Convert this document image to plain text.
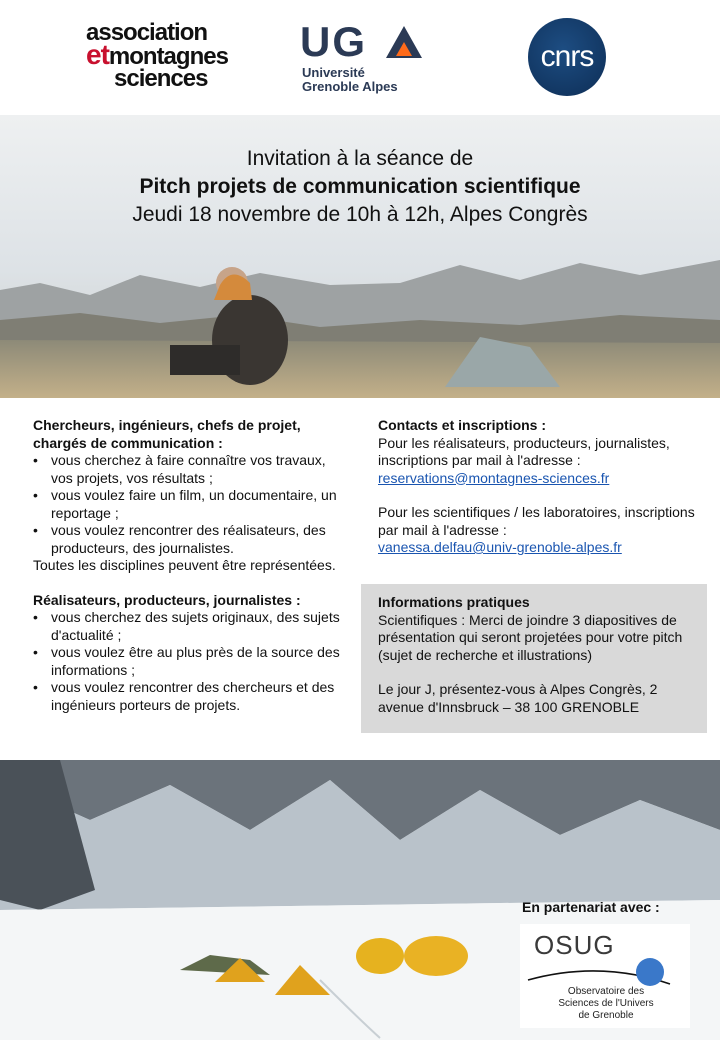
association
etmontagnes
sciences
UG
Université
Grenoble Alpes
cnrs
Invitation à la séance de
Pitch projets de communication scientifique
Jeudi 18 novembre de 10h à 12h, Alpes Congrès

Chercheurs, ingénieurs, chefs de projet, chargés de communication :

• vous cherchez à faire connaître vos travaux, vos projets, vos résultats ;
• vous voulez faire un film, un documentaire, un reportage ;
• vous voulez rencontrer des réalisateurs, des producteurs, des journalistes.

Toutes les disciplines peuvent être représentées.

Réalisateurs, producteurs, journalistes :

• vous cherchez des sujets originaux, des sujets d'actualité ;
• vous voulez être au plus près de la source des informations ;
• vous voulez rencontrer des chercheurs et des ingénieurs porteurs de projets.

Contacts et inscriptions :

Pour les réalisateurs, producteurs, journalistes, inscriptions par mail à l'adresse :

reservations@montagnes-sciences.fr

Pour les scientifiques / les laboratoires, inscriptions par mail à l'adresse :

vanessa.delfau@univ-grenoble-alpes.fr

Informations pratiques

Scientifiques : Merci de joindre 3 diapositives de présentation qui seront projetées pour votre pitch (sujet de recherche et illustrations)

Le jour J, présentez-vous à Alpes Congrès, 2 avenue d'Innsbruck – 38 100 GRENOBLE

En partenariat avec :
OSUG
Observatoire des
Sciences de l'Univers
de Grenoble
